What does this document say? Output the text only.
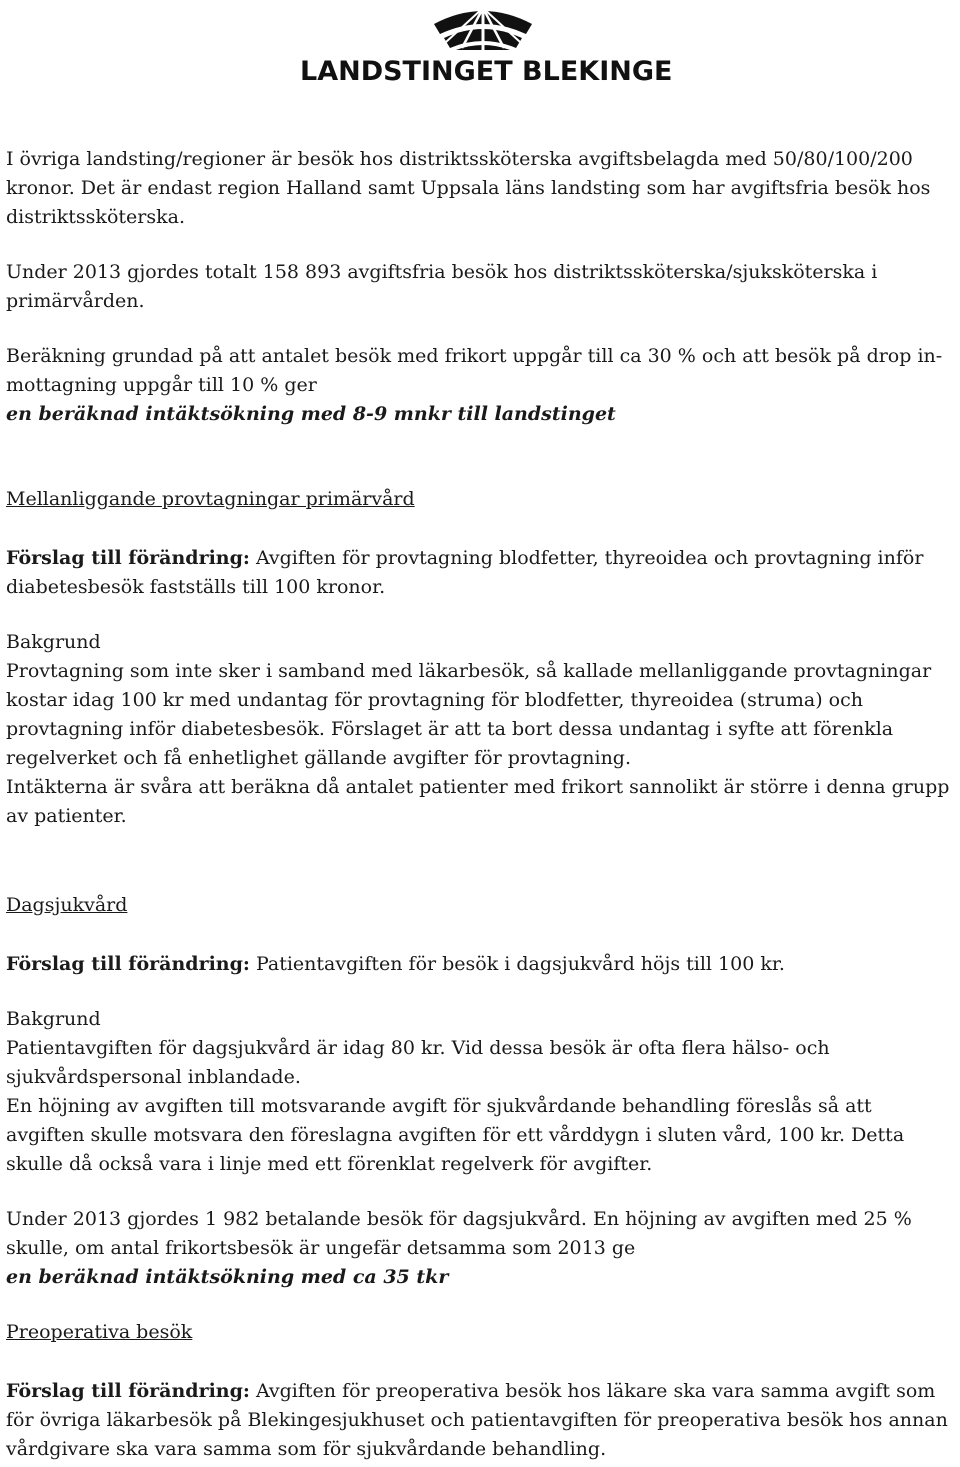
LANDSTINGET BLEKINGE

I övriga landsting/regioner är besök hos distriktssköterska avgiftsbelagda med 50/80/100/200 kronor. Det är endast region Halland samt Uppsala läns landsting som har avgiftsfria besök hos distriktssköterska.

Under 2013 gjordes totalt 158 893 avgiftsfria besök hos distriktssköterska/sjuksköterska i primärvården.

Beräkning grundad på att antalet besök med frikort uppgår till ca 30 % och att besök på drop in-mottagning uppgår till 10 % ger
en beräknad intäktsökning med 8-9 mnkr till landstinget

Mellanliggande provtagningar primärvård

Förslag till förändring: Avgiften för provtagning blodfetter, thyreoidea och provtagning inför diabetesbesök fastställs till 100 kronor.

Bakgrund

Provtagning som inte sker i samband med läkarbesök, så kallade mellanliggande provtagningar kostar idag 100 kr med undantag för provtagning för blodfetter, thyreoidea (struma) och provtagning inför diabetesbesök. Förslaget är att ta bort dessa undantag i syfte att förenkla regelverket och få enhetlighet gällande avgifter för provtagning.

Intäkterna är svåra att beräkna då antalet patienter med frikort sannolikt är större i denna grupp av patienter.

Dagsjukvård

Förslag till förändring: Patientavgiften för besök i dagsjukvård höjs till 100 kr.

Bakgrund

Patientavgiften för dagsjukvård är idag 80 kr. Vid dessa besök är ofta flera hälso- och sjukvårdspersonal inblandade.

En höjning av avgiften till motsvarande avgift för sjukvårdande behandling föreslås så att avgiften skulle motsvara den föreslagna avgiften för ett vårddygn i sluten vård, 100 kr. Detta skulle då också vara i linje med ett förenklat regelverk för avgifter.

Under 2013 gjordes 1 982 betalande besök för dagsjukvård. En höjning av avgiften med 25 % skulle, om antal frikortsbesök är ungefär detsamma som 2013 ge
en beräknad intäktsökning med ca 35 tkr

Preoperativa besök

Förslag till förändring: Avgiften för preoperativa besök hos läkare ska vara samma avgift som för övriga läkarbesök på Blekingesjukhuset och patientavgiften för preoperativa besök hos annan vårdgivare ska vara samma som för sjukvårdande behandling.
